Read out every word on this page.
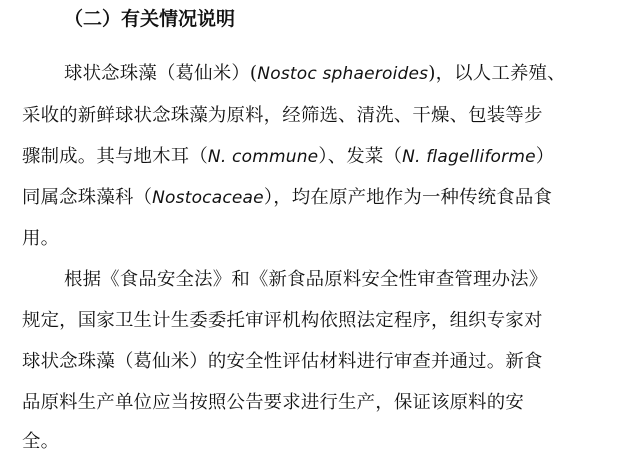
（二）有关情况说明
球状念珠藻（葛仙米）(Nostoc sphaeroides)，以人工养殖、
采收的新鲜球状念珠藻为原料，经筛选、清洗、干燥、包装等步
骤制成。其与地木耳（N. commune）、发菜（N. flagelliforme）
同属念珠藻科（Nostocaceae），均在原产地作为一种传统食品食
用。
根据《食品安全法》和《新食品原料安全性审查管理办法》
规定，国家卫生计生委委托审评机构依照法定程序，组织专家对
球状念珠藻（葛仙米）的安全性评估材料进行审查并通过。新食
品原料生产单位应当按照公告要求进行生产，保证该原料的安
全。
